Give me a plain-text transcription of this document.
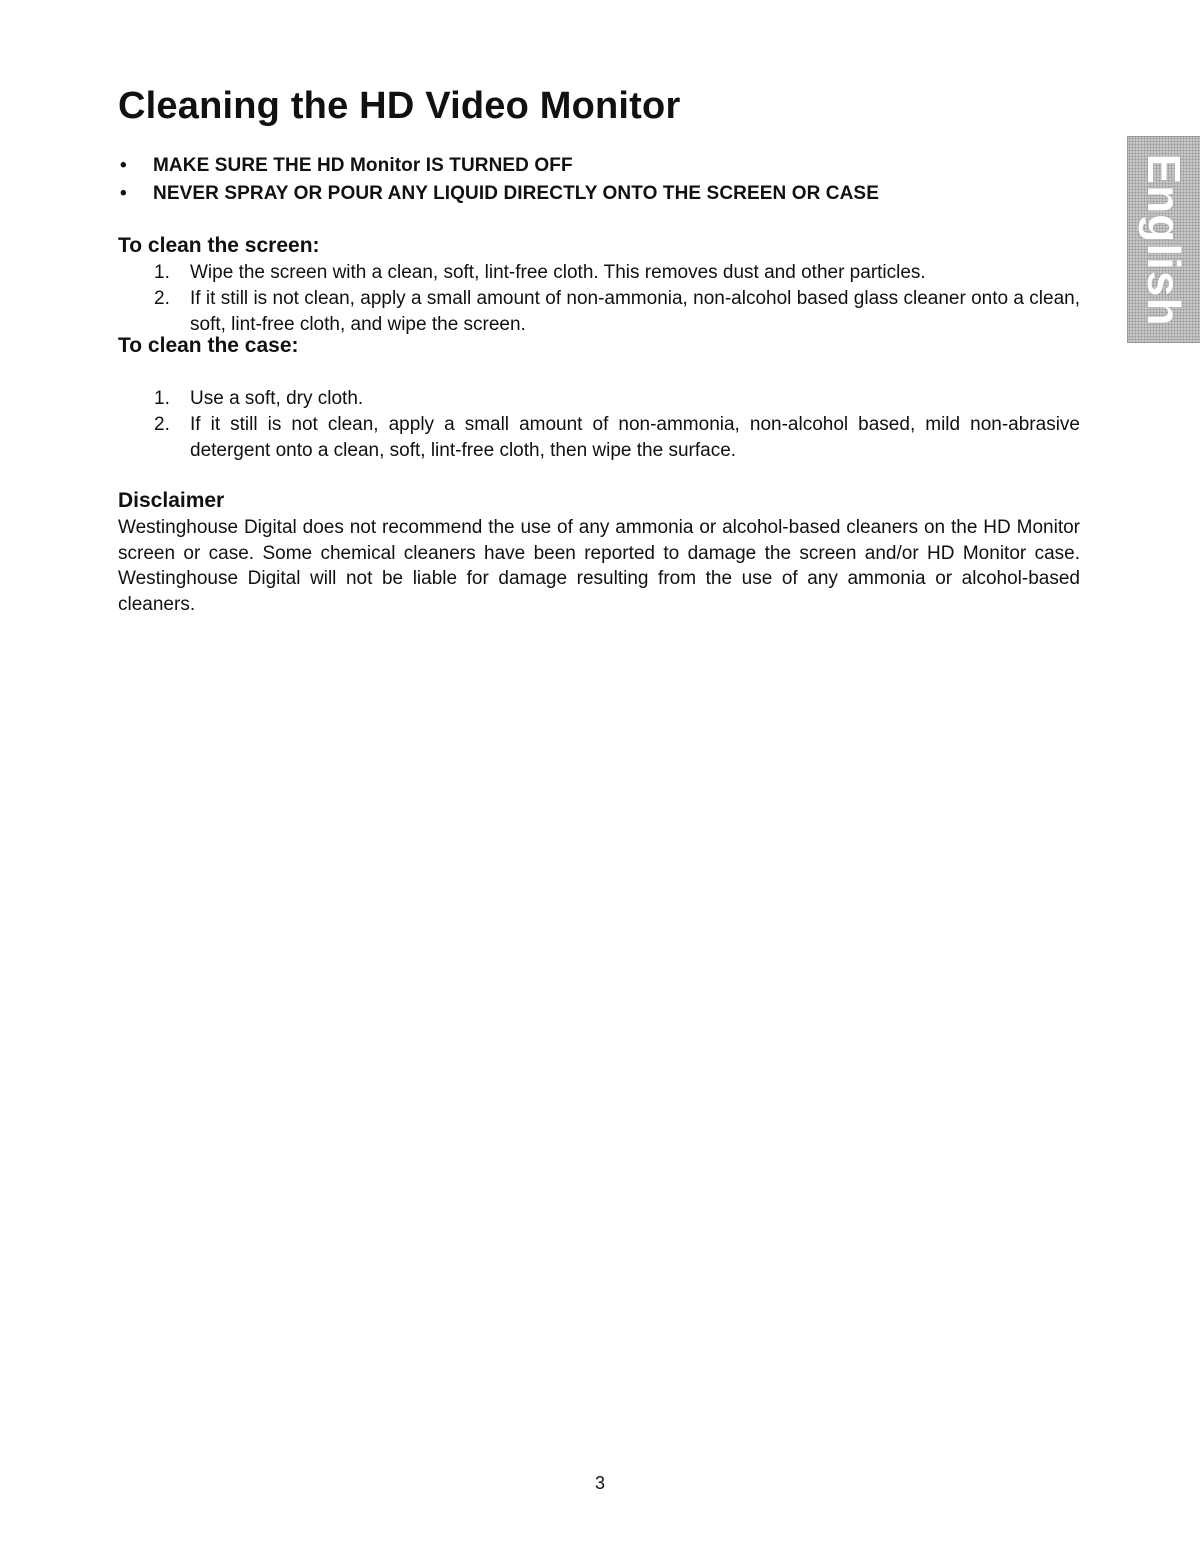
Cleaning the HD Video Monitor
• MAKE SURE THE HD Monitor IS TURNED OFF
• NEVER SPRAY OR POUR ANY LIQUID DIRECTLY ONTO THE SCREEN OR CASE
To clean the screen:
1. Wipe the screen with a clean, soft, lint-free cloth. This removes dust and other particles.
2. If it still is not clean, apply a small amount of non-ammonia, non-alcohol based glass cleaner onto a clean, soft, lint-free cloth, and wipe the screen.
To clean the case:
1. Use a soft, dry cloth.
2. If it still is not clean, apply a small amount of non-ammonia, non-alcohol based, mild non-abrasive detergent onto a clean, soft, lint-free cloth, then wipe the surface.
Disclaimer

Westinghouse Digital does not recommend the use of any ammonia or alcohol-based cleaners on the HD Monitor screen or case. Some chemical cleaners have been reported to damage the screen and/or HD Monitor case. Westinghouse Digital will not be liable for damage resulting from the use of any ammonia or alcohol-based cleaners.

3
English
